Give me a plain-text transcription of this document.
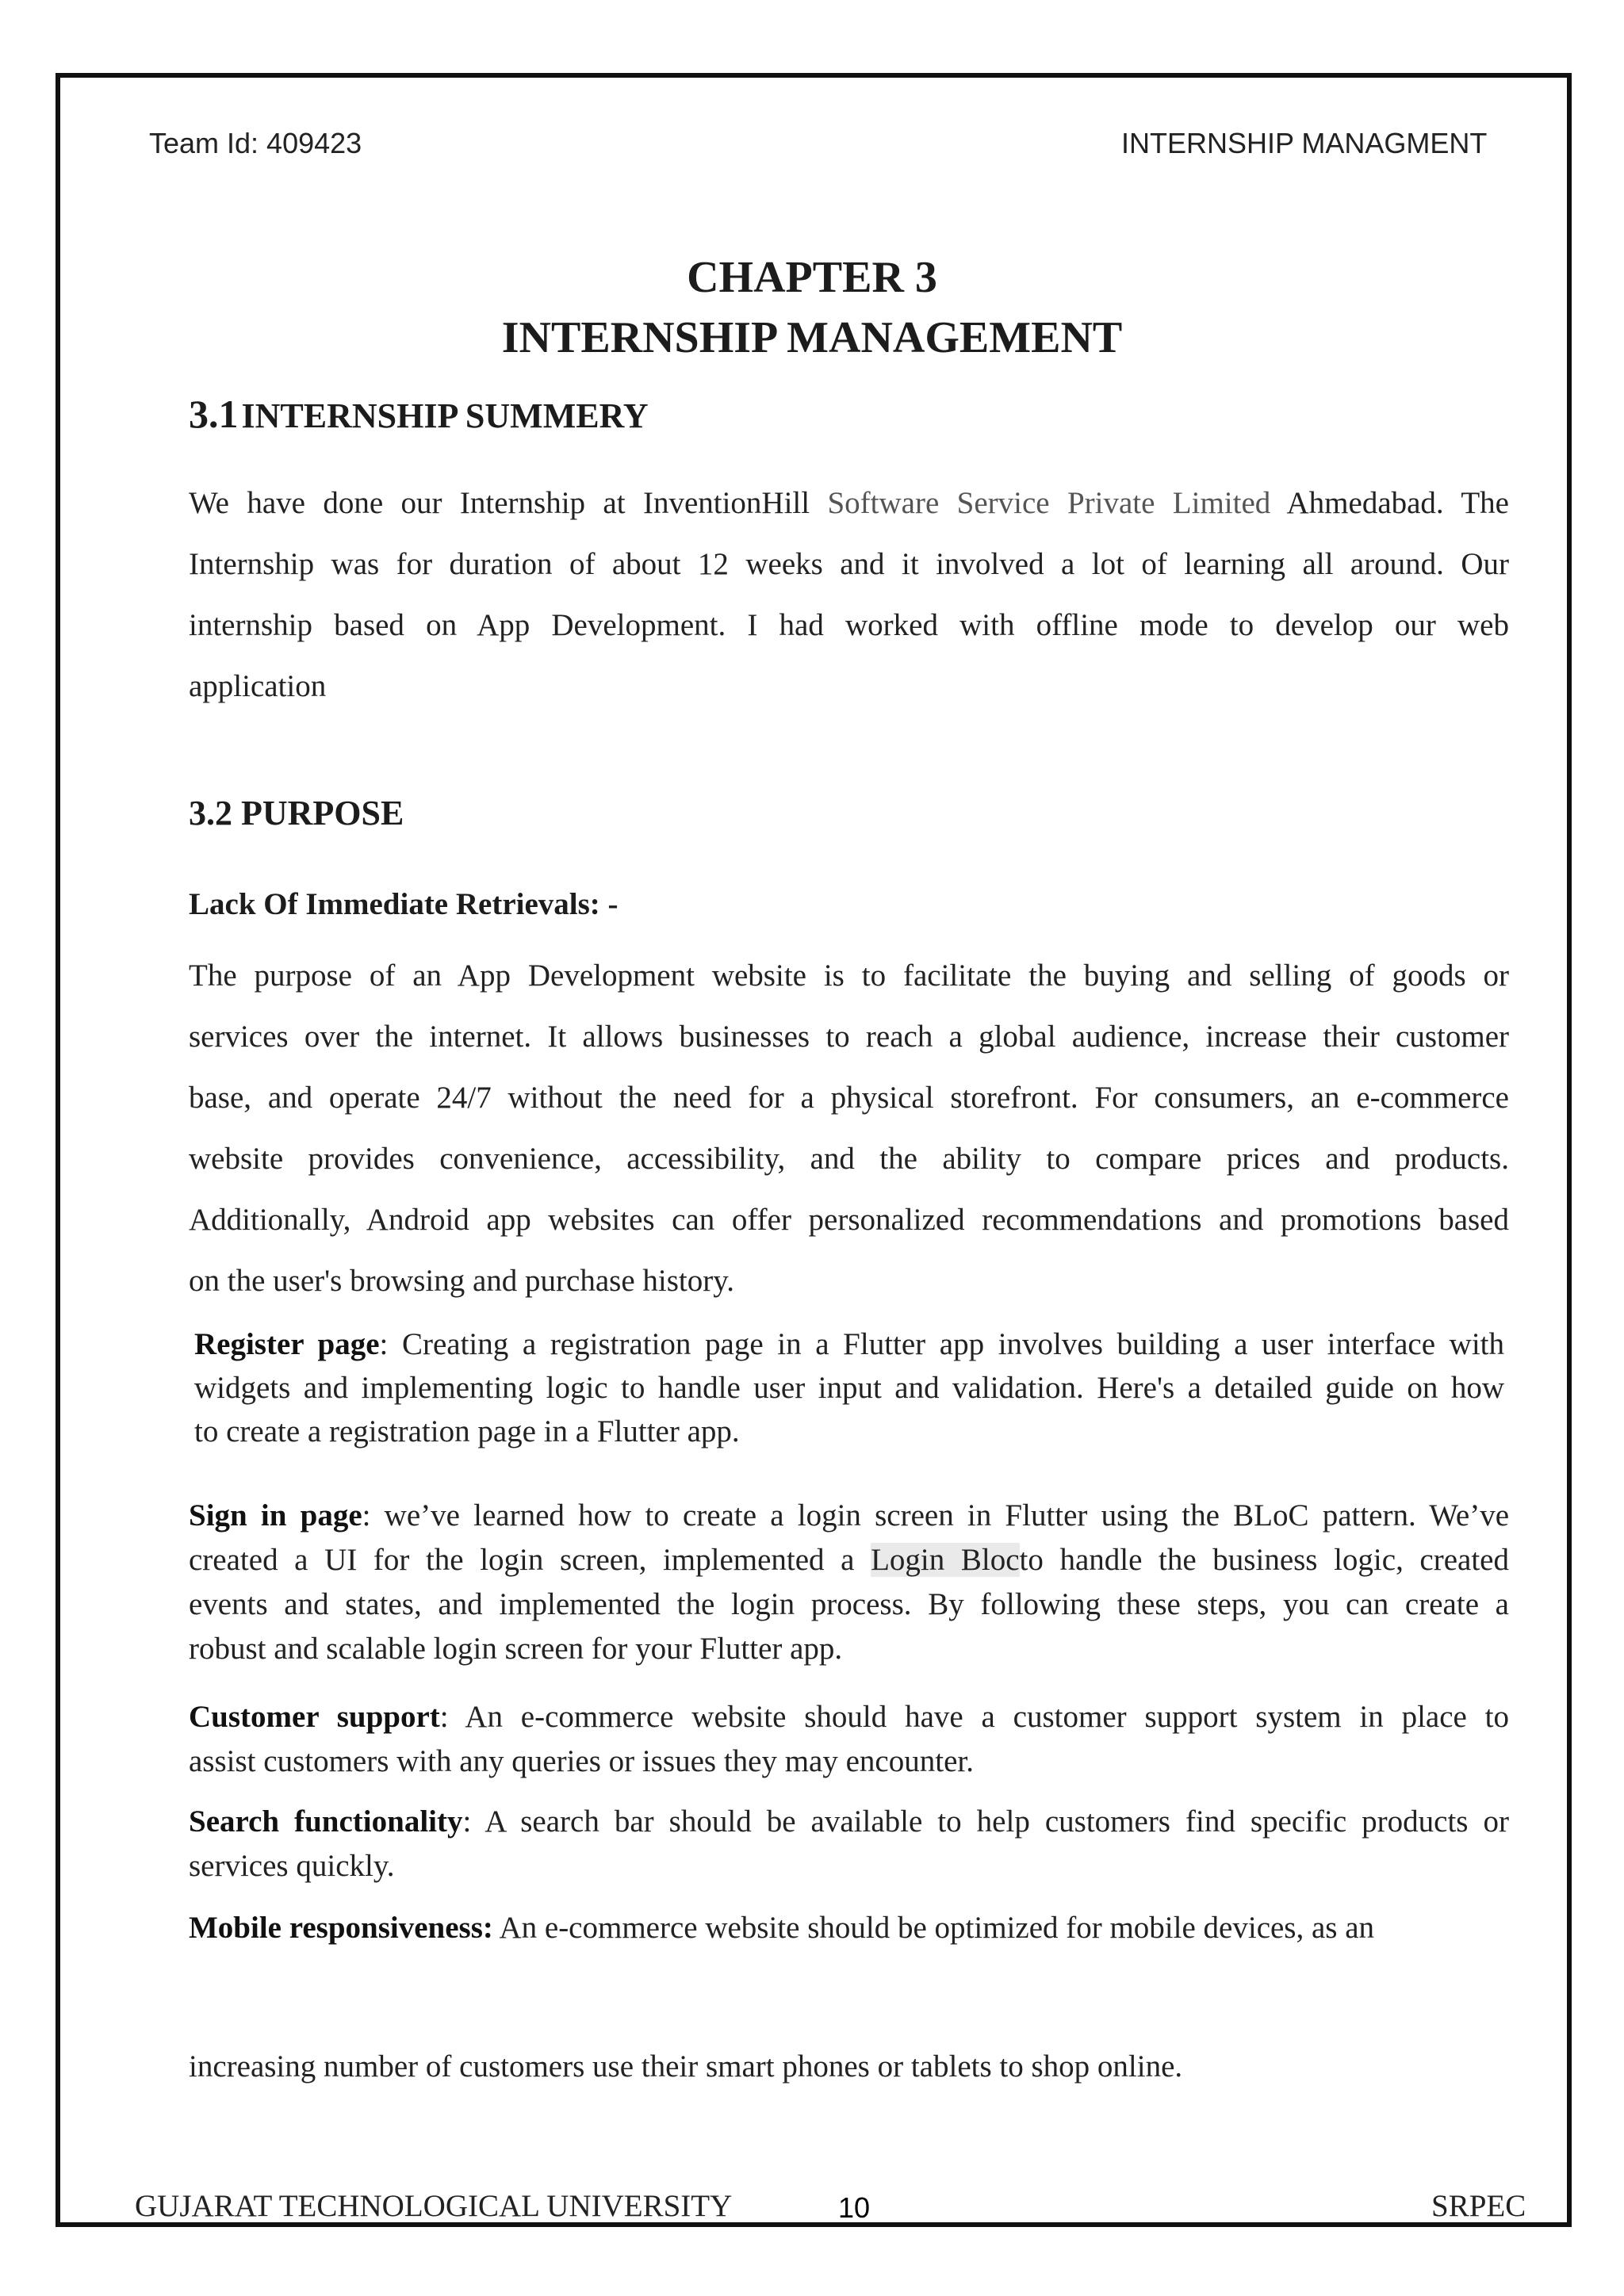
Team Id: 409423	INTERNSHIP MANAGMENT
CHAPTER 3
INTERNSHIP MANAGEMENT
3.1 INTERNSHIP SUMMERY
We have done our Internship at InventionHill Software Service Private Limited Ahmedabad. The
Internship was for duration of about 12 weeks and it involved a lot of learning all around. Our
internship based on App Development. I had worked with offline mode to develop our web
application
3.2 PURPOSE
Lack Of Immediate Retrievals: -
The purpose of an App Development website is to facilitate the buying and selling of goods or
services over the internet. It allows businesses to reach a global audience, increase their customer
base, and operate 24/7 without the need for a physical storefront. For consumers, an e-commerce
website provides convenience, accessibility, and the ability to compare prices and products.
Additionally, Android app websites can offer personalized recommendations and promotions based
on the user's browsing and purchase history.
Register page: Creating a registration page in a Flutter app involves building a user interface with
widgets and implementing logic to handle user input and validation. Here's a detailed guide on how
to create a registration page in a Flutter app.
Sign in page: we’ve learned how to create a login screen in Flutter using the BLoC pattern. We’ve
created a UI for the login screen, implemented a Login Blocto handle the business logic, created
events and states, and implemented the login process. By following these steps, you can create a
robust and scalable login screen for your Flutter app.
Customer support: An e-commerce website should have a customer support system in place to
assist customers with any queries or issues they may encounter.
Search functionality: A search bar should be available to help customers find specific products or
services quickly.
Mobile responsiveness: An e-commerce website should be optimized for mobile devices, as an
increasing number of customers use their smart phones or tablets to shop online.
GUJARAT TECHNOLOGICAL UNIVERSITY	10	SRPEC
